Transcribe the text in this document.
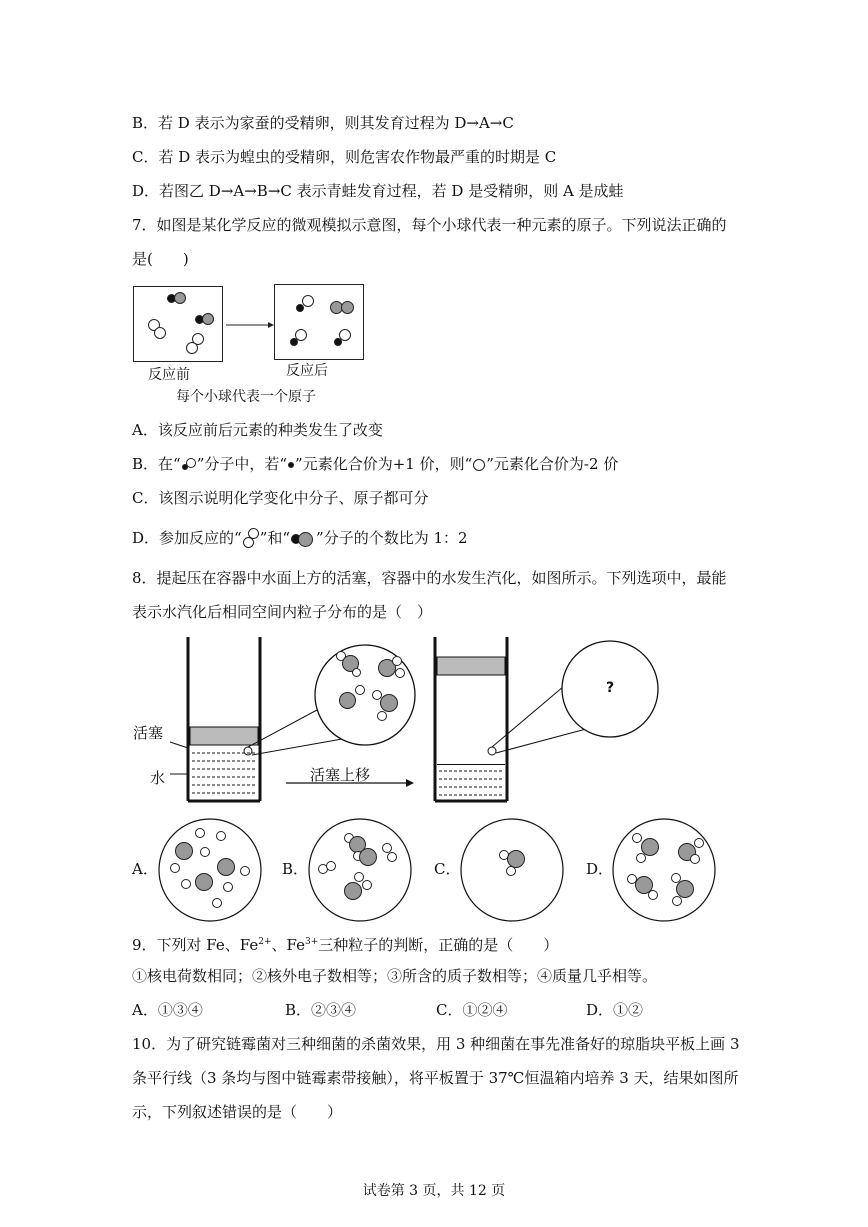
B．若 D 表示为家蚕的受精卵，则其发育过程为 D→A→C
C．若 D 表示为蝗虫的受精卵，则危害农作物最严重的时期是 C
D．若图乙 D→A→B→C 表示青蛙发育过程，若 D 是受精卵，则 A 是成蛙
7．如图是某化学反应的微观模拟示意图，每个小球代表一种元素的原子。下列说法正确的
是(　　)
反应前	反应后
每个小球代表一个原子
A．该反应前后元素的种类发生了改变
B．在“ ”分子中，若“ ”元素化合价为+1 价，则“ ”元素化合价为-2 价
C．该图示说明化学变化中分子、原子都可分
D．参加反应的“ ”和“ ”分子的个数比为 1：2
8．提起压在容器中水面上方的活塞，容器中的水发生汽化，如图所示。下列选项中，最能
表示水汽化后相同空间内粒子分布的是（　）
?
活塞
水	活塞上移
A．	B．	C．	D．
9．下列对 Fe、$Fe^{2+}$、$Fe^{3+}$三种粒子的判断，正确的是（　　）
①核电荷数相同；②核外电子数相等；③所含的质子数相等；④质量几乎相等。
A．①③④	B．②③④	C．①②④	D．①②
10．为了研究链霉菌对三种细菌的杀菌效果，用 3 种细菌在事先准备好的琼脂块平板上画 3
条平行线（3 条均与图中链霉素带接触），将平板置于 37℃恒温箱内培养 3 天，结果如图所
示，下列叙述错误的是（　　）
试卷第 3 页，共 12 页
